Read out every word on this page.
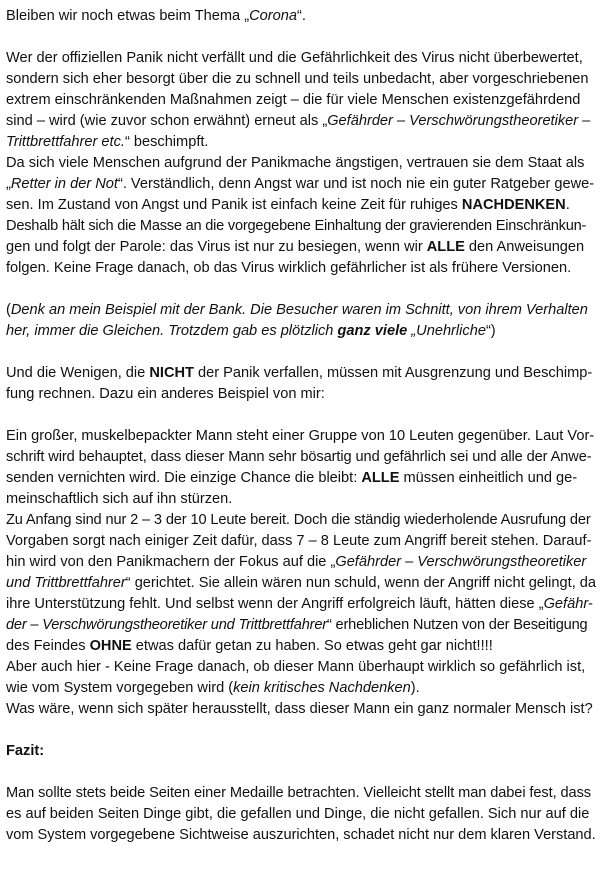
Bleiben wir noch etwas beim Thema „Corona“.
Wer der offiziellen Panik nicht verfällt und die Gefährlichkeit des Virus nicht überbewertet,
sondern sich eher besorgt über die zu schnell und teils unbedacht, aber vorgeschriebenen
extrem einschränkenden Maßnahmen zeigt – die für viele Menschen existenzgefährdend
sind – wird (wie zuvor schon erwähnt) erneut als „Gefährder – Verschwörungstheoretiker –
Trittbrettfahrer etc.“ beschimpft.
Da sich viele Menschen aufgrund der Panikmache ängstigen, vertrauen sie dem Staat als
„Retter in der Not“. Verständlich, denn Angst war und ist noch nie ein guter Ratgeber gewe-
sen. Im Zustand von Angst und Panik ist einfach keine Zeit für ruhiges NACHDENKEN.
Deshalb hält sich die Masse an die vorgegebene Einhaltung der gravierenden Einschränkun-
gen und folgt der Parole: das Virus ist nur zu besiegen, wenn wir ALLE den Anweisungen
folgen. Keine Frage danach, ob das Virus wirklich gefährlicher ist als frühere Versionen.
(Denk an mein Beispiel mit der Bank. Die Besucher waren im Schnitt, von ihrem Verhalten
her, immer die Gleichen. Trotzdem gab es plötzlich ganz viele „Unehrliche“)
Und die Wenigen, die NICHT der Panik verfallen, müssen mit Ausgrenzung und Beschimp-
fung rechnen. Dazu ein anderes Beispiel von mir:
Ein großer, muskelbepackter Mann steht einer Gruppe von 10 Leuten gegenüber. Laut Vor-
schrift wird behauptet, dass dieser Mann sehr bösartig und gefährlich sei und alle der Anwe-
senden vernichten wird. Die einzige Chance die bleibt: ALLE müssen einheitlich und ge-
meinschaftlich sich auf ihn stürzen.
Zu Anfang sind nur 2 – 3 der 10 Leute bereit. Doch die ständig wiederholende Ausrufung der
Vorgaben sorgt nach einiger Zeit dafür, dass 7 – 8 Leute zum Angriff bereit stehen. Darauf-
hin wird von den Panikmachern der Fokus auf die „Gefährder – Verschwörungstheoretiker
und Trittbrettfahrer“ gerichtet. Sie allein wären nun schuld, wenn der Angriff nicht gelingt, da
ihre Unterstützung fehlt. Und selbst wenn der Angriff erfolgreich läuft, hätten diese „Gefähr-
der – Verschwörungstheoretiker und Trittbrettfahrer“ erheblichen Nutzen von der Beseitigung
des Feindes OHNE etwas dafür getan zu haben. So etwas geht gar nicht!!!!
Aber auch hier - Keine Frage danach, ob dieser Mann überhaupt wirklich so gefährlich ist,
wie vom System vorgegeben wird (kein kritisches Nachdenken).
Was wäre, wenn sich später herausstellt, dass dieser Mann ein ganz normaler Mensch ist?
Fazit:
Man sollte stets beide Seiten einer Medaille betrachten. Vielleicht stellt man dabei fest, dass
es auf beiden Seiten Dinge gibt, die gefallen und Dinge, die nicht gefallen. Sich nur auf die
vom System vorgegebene Sichtweise auszurichten, schadet nicht nur dem klaren Verstand.
